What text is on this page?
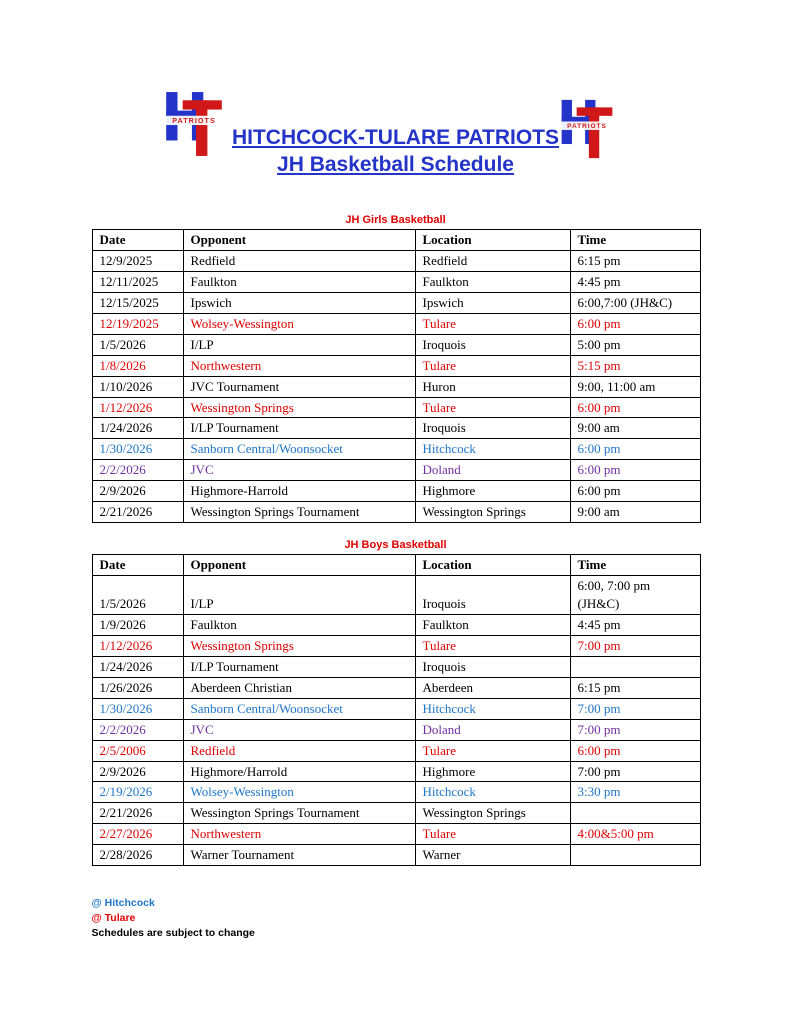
PATRIOTS
PATRIOTS
HITCHCOCK-TULARE PATRIOTS
JH Basketball Schedule
JH Girls Basketball
Date	Opponent	Location	Time
12/9/2025	Redfield	Redfield	6:15 pm
12/11/2025	Faulkton	Faulkton	4:45 pm
12/15/2025	Ipswich	Ipswich	6:00,7:00 (JH&C)
12/19/2025	Wolsey-Wessington	Tulare	6:00 pm
1/5/2026	I/LP	Iroquois	5:00 pm
1/8/2026	Northwestern	Tulare	5:15 pm
1/10/2026	JVC Tournament	Huron	9:00, 11:00 am
1/12/2026	Wessington Springs	Tulare	6:00 pm
1/24/2026	I/LP Tournament	Iroquois	9:00 am
1/30/2026	Sanborn Central/Woonsocket	Hitchcock	6:00 pm
2/2/2026	JVC	Doland	6:00 pm
2/9/2026	Highmore-Harrold	Highmore	6:00 pm
2/21/2026	Wessington Springs Tournament	Wessington Springs	9:00 am
JH Boys Basketball
Date	Opponent	Location	Time
1/5/2026	I/LP	Iroquois	6:00, 7:00 pm (JH&C)
1/9/2026	Faulkton	Faulkton	4:45 pm
1/12/2026	Wessington Springs	Tulare	7:00 pm
1/24/2026	I/LP Tournament	Iroquois	
1/26/2026	Aberdeen Christian	Aberdeen	6:15 pm
1/30/2026	Sanborn Central/Woonsocket	Hitchcock	7:00 pm
2/2/2026	JVC	Doland	7:00 pm
2/5/2006	Redfield	Tulare	6:00 pm
2/9/2026	Highmore/Harrold	Highmore	7:00 pm
2/19/2026	Wolsey-Wessington	Hitchcock	3:30 pm
2/21/2026	Wessington Springs Tournament	Wessington Springs	
2/27/2026	Northwestern	Tulare	4:00&5:00 pm
2/28/2026	Warner Tournament	Warner	
@ Hitchcock
@ Tulare
Schedules are subject to change
